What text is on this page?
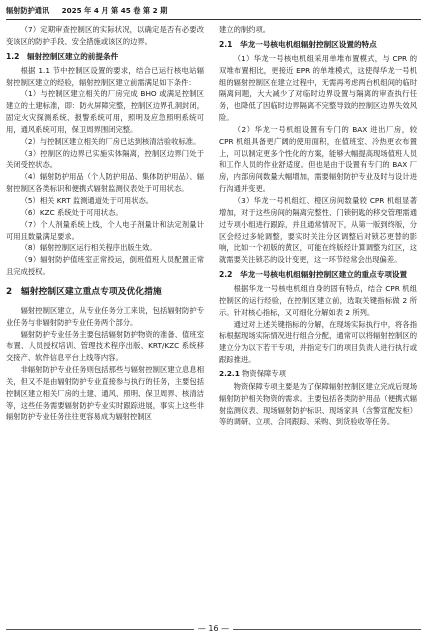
辐射防护通讯 2025 年 4 月 第 45 卷 第 2 期

（7）定期审查控制区的实际状况，以确定是否有必要改变该区的防护手段、安全措施或该区的边界。

1.2　辐射控制区建立的前提条件

根据 1.1 节中控制区设置的要求，结合已运行核电站辐射控制区建立的经验，辐射控制区建立前需满足如下条件：

（1）与控制区建立相关的厂房完成 BHO 或满足控制区建立的土建标准，即：防火屏障完整，控制区边界孔洞封闭，固定火灾探测系统、报警系统可用，照明及应急照明系统可用，通风系统可用，保卫周界围闭完整。

（2）与控制区建立相关的厂房已达到核清洁验收标准。

（3）控制区的边界已实施实体隔离，控制区边界门处于关闭受控状态。

（4）辐射防护用品（个人防护用品、集体防护用品）、辐射控制区各类标识和便携式辐射监测仪表处于可用状态。

（5）相关 KRT 监测通道处于可用状态。

（6）KZC 系统处于可用状态。

（7）个人剂量系统上线，个人电子剂量计和法定剂量计可用且数量满足要求。

（8）辐射控制区运行相关程序出版生效。

（9）辐射防护值班室正常投运，倒班值班人员配置正常且完成授权。

2　辐射控制区建立重点专项及优化措施

辐射控制区建立，从专业任务分工来说，包括辐射防护专业任务与非辐射防护专业任务两个部分。

辐射防护专业任务主要包括辐射防护物资的准备、值班室布置、人员授权培训、管理技术程序出版、KRT/KZC 系统移交接产、软件信息平台上线等内容。

非辐射防护专业任务则包括那些与辐射控制区建立息息相关，但又不是由辐射防护专业直接参与执行的任务，主要包括控制区建立相关厂房的土建、通风、照明、保卫周界、核清洁等，这些任务需要辐射防护专业实时跟踪进展，事实上这些非辐射防护专业任务往往更容易成为辐射控制区

建立的制约项。

2.1　华龙一号核电机组辐射控制区设置的特点

（1）华龙一号核电机组采用单堆布置模式，与 CPR 的双堆布置相比，更接近 EPR 的单堆模式，这使得华龙一号机组的辐射控制区在建立过程中，无需再考虑两台机组间的临时隔离问题，大大减少了对临时边界设置与隔离的审查执行任务，也降低了因临时边界隔离不完整导致的控制区边界失效风险。

（2）华龙一号机组设置有专门的 BAX 进出厂房，较 CPR 机组具备更广阔的使用面积，在值班室、冷热更衣布置上，可以制定更多个性化的方案，能够大幅提高现场值班人员和工作人员的作业舒适度。但也是由于设置有专门的 BAX 厂房，内部房间数量大幅增加，需要辐射防护专业及时与设计进行沟通并变更。

（3）华龙一号机组红、橙区房间数量较 CPR 机组显著增加，对于这些房间的隔离完整性、门锁钥匙的移交管理需通过专项小组进行跟踪，并且通常情况下，从第一版到终版，分区会经过多轮调整，要实时关注分区调整后对锁芯更替的影响，比如一个初版的黄区，可能在终版经计算调整为红区，这就需要关注锁芯的设计变更，这一环节经常会出现偏差。

2.2　华龙一号核电机组辐射控制区建立的重点专项设置

根据华龙一号核电机组自身的固有特点，结合 CPR 机组控制区的运行经验，在控制区建立前，选取关键指标做 2 所示。针对核心指标，又可细化分解如表 2 所列。

通过对上述关键指标的分解，在现场实际执行中，将各指标根据现场实际情况进行组合分配，通常可以将辐射控制区的建立分为以下若干专项，并指定专门的项目负责人进行执行或跟踪推进。

2.2.1 物资保障专项

物资保障专项主要是为了保障辐射控制区建立完成后现场辐射防护相关物资的需求。主要包括各类防护用品（便携式辐射监测仪表、现场辐射防护标识、现场家具（含警宣配发柜）等的调研、立项、合同跟踪、采购、到货验收等任务。

— 16 —
